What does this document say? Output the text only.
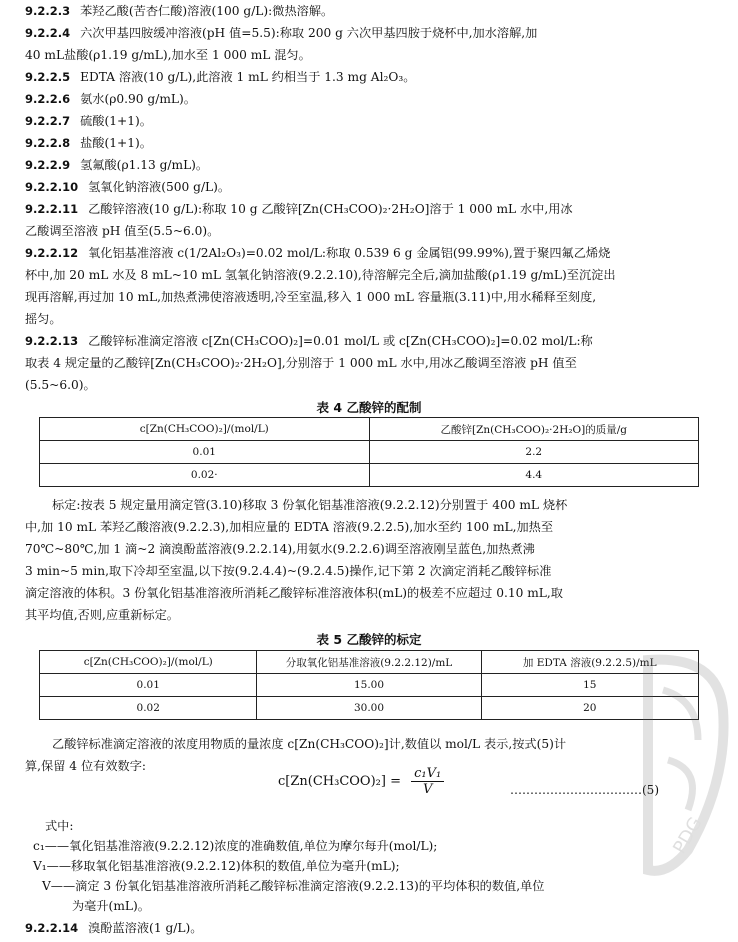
9.2.2.3 苯羟乙酸(苦杏仁酸)溶液(100 g/L):微热溶解。
9.2.2.4 六次甲基四胺缓冲溶液(pH 值=5.5):称取 200 g 六次甲基四胺于烧杯中,加水溶解,加
40 mL盐酸(ρ1.19 g/mL),加水至 1 000 mL 混匀。
9.2.2.5 EDTA 溶液(10 g/L),此溶液 1 mL 约相当于 1.3 mg Al₂O₃。
9.2.2.6 氨水(ρ0.90 g/mL)。
9.2.2.7 硫酸(1+1)。
9.2.2.8 盐酸(1+1)。
9.2.2.9 氢氟酸(ρ1.13 g/mL)。
9.2.2.10 氢氧化钠溶液(500 g/L)。
9.2.2.11 乙酸锌溶液(10 g/L):称取 10 g 乙酸锌[Zn(CH₃COO)₂·2H₂O]溶于 1 000 mL 水中,用冰
乙酸调至溶液 pH 值至(5.5~6.0)。
9.2.2.12 氧化铝基准溶液 c(1/2Al₂O₃)=0.02 mol/L:称取 0.539 6 g 金属铝(99.99%),置于聚四氟乙烯烧
杯中,加 20 mL 水及 8 mL~10 mL 氢氧化钠溶液(9.2.2.10),待溶解完全后,滴加盐酸(ρ1.19 g/mL)至沉淀出
现再溶解,再过加 10 mL,加热煮沸使溶液透明,冷至室温,移入 1 000 mL 容量瓶(3.11)中,用水稀释至刻度,
摇匀。
9.2.2.13 乙酸锌标准滴定溶液 c[Zn(CH₃COO)₂]=0.01 mol/L 或 c[Zn(CH₃COO)₂]=0.02 mol/L:称
取表 4 规定量的乙酸锌[Zn(CH₃COO)₂·2H₂O],分别溶于 1 000 mL 水中,用冰乙酸调至溶液 pH 值至
(5.5~6.0)。
表 4 乙酸锌的配制
c[Zn(CH₃COO)₂]/(mol/L)	乙酸锌[Zn(CH₃COO)₂·2H₂O]的质量/g
0.01	2.2
0.02·	4.4
标定:按表 5 规定量用滴定管(3.10)移取 3 份氧化铝基准溶液(9.2.2.12)分别置于 400 mL 烧杯
中,加 10 mL 苯羟乙酸溶液(9.2.2.3),加相应量的 EDTA 溶液(9.2.2.5),加水至约 100 mL,加热至
70℃~80℃,加 1 滴~2 滴溴酚蓝溶液(9.2.2.14),用氨水(9.2.2.6)调至溶液刚呈蓝色,加热煮沸
3 min~5 min,取下冷却至室温,以下按(9.2.4.4)~(9.2.4.5)操作,记下第 2 次滴定消耗乙酸锌标准
滴定溶液的体积。3 份氧化铝基准溶液所消耗乙酸锌标准溶液体积(mL)的极差不应超过 0.10 mL,取
其平均值,否则,应重新标定。
表 5 乙酸锌的标定
c[Zn(CH₃COO)₂]/(mol/L)	分取氧化铝基准溶液(9.2.2.12)/mL	加 EDTA 溶液(9.2.2.5)/mL
0.01	15.00	15
0.02	30.00	20
乙酸锌标准滴定溶液的浓度用物质的量浓度 c[Zn(CH₃COO)₂]计,数值以 mol/L 表示,按式(5)计
算,保留 4 位有效数字:
$c[Zn(CH_3COO)_2] = \frac{\text{c₁V₁}}{V}$	……………………………(5)
式中:
c₁——氧化铝基准溶液(9.2.2.12)浓度的准确数值,单位为摩尔每升(mol/L);
V₁——移取氧化铝基准溶液(9.2.2.12)体积的数值,单位为毫升(mL);
V——滴定 3 份氧化铝基准溶液所消耗乙酸锌标准滴定溶液(9.2.2.13)的平均体积的数值,单位
为毫升(mL)。
9.2.2.14 溴酚蓝溶液(1 g/L)。
PDG
